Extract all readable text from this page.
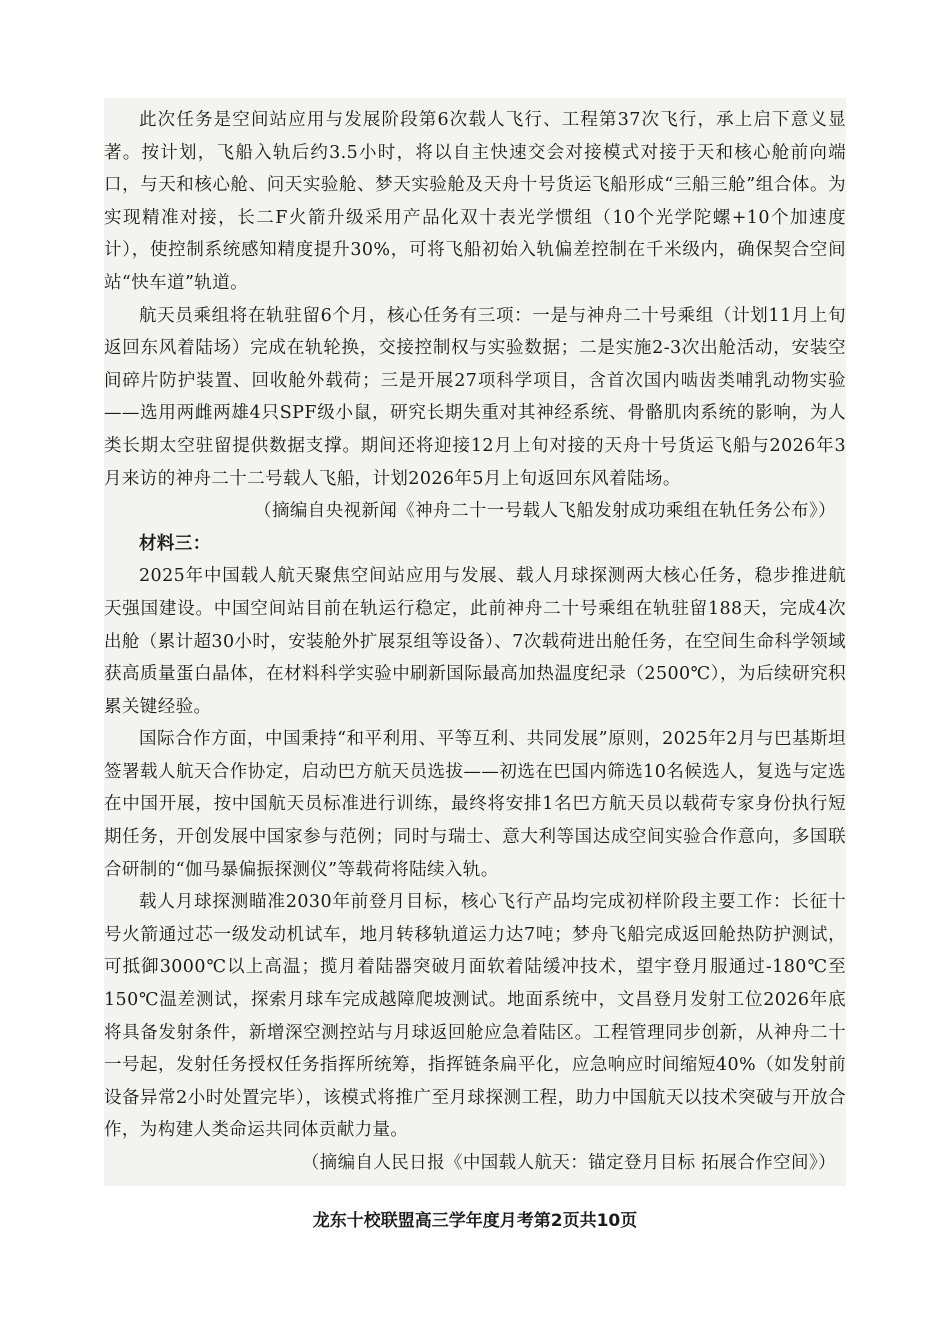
此次任务是空间站应用与发展阶段第6次载人飞行、工程第37次飞行，承上启下意义显著。按计划，飞船入轨后约3.5小时，将以自主快速交会对接模式对接于天和核心舱前向端口，与天和核心舱、问天实验舱、梦天实验舱及天舟十号货运飞船形成“三船三舱”组合体。为实现精准对接，长二F火箭升级采用产品化双十表光学惯组（10个光学陀螺+10个加速度计），使控制系统感知精度提升30%，可将飞船初始入轨偏差控制在千米级内，确保契合空间站“快车道”轨道。

航天员乘组将在轨驻留6个月，核心任务有三项：一是与神舟二十号乘组（计划11月上旬返回东风着陆场）完成在轨轮换，交接控制权与实验数据；二是实施2-3次出舱活动，安装空间碎片防护装置、回收舱外载荷；三是开展27项科学项目，含首次国内啮齿类哺乳动物实验——选用两雌两雄4只SPF级小鼠，研究长期失重对其神经系统、骨骼肌肉系统的影响，为人类长期太空驻留提供数据支撑。期间还将迎接12月上旬对接的天舟十号货运飞船与2026年3月来访的神舟二十二号载人飞船，计划2026年5月上旬返回东风着陆场。

（摘编自央视新闻《神舟二十一号载人飞船发射成功乘组在轨任务公布》）

材料三：

2025年中国载人航天聚焦空间站应用与发展、载人月球探测两大核心任务，稳步推进航天强国建设。中国空间站目前在轨运行稳定，此前神舟二十号乘组在轨驻留188天，完成4次出舱（累计超30小时，安装舱外扩展泵组等设备）、7次载荷进出舱任务，在空间生命科学领域获高质量蛋白晶体，在材料科学实验中刷新国际最高加热温度纪录（2500℃），为后续研究积累关键经验。

国际合作方面，中国秉持“和平利用、平等互利、共同发展”原则，2025年2月与巴基斯坦签署载人航天合作协定，启动巴方航天员选拔——初选在巴国内筛选10名候选人，复选与定选在中国开展，按中国航天员标准进行训练，最终将安排1名巴方航天员以载荷专家身份执行短期任务，开创发展中国家参与范例；同时与瑞士、意大利等国达成空间实验合作意向，多国联合研制的“伽马暴偏振探测仪”等载荷将陆续入轨。

载人月球探测瞄准2030年前登月目标，核心飞行产品均完成初样阶段主要工作：长征十号火箭通过芯一级发动机试车，地月转移轨道运力达7吨；梦舟飞船完成返回舱热防护测试，可抵御3000℃以上高温；揽月着陆器突破月面软着陆缓冲技术，望宇登月服通过-180℃至150℃温差测试，探索月球车完成越障爬坡测试。地面系统中，文昌登月发射工位2026年底将具备发射条件，新增深空测控站与月球返回舱应急着陆区。工程管理同步创新，从神舟二十一号起，发射任务授权任务指挥所统筹，指挥链条扁平化，应急响应时间缩短40%（如发射前设备异常2小时处置完毕），该模式将推广至月球探测工程，助力中国航天以技术突破与开放合作，为构建人类命运共同体贡献力量。

（摘编自人民日报《中国载人航天：锚定登月目标 拓展合作空间》）

龙东十校联盟高三学年度月考第2页共10页
